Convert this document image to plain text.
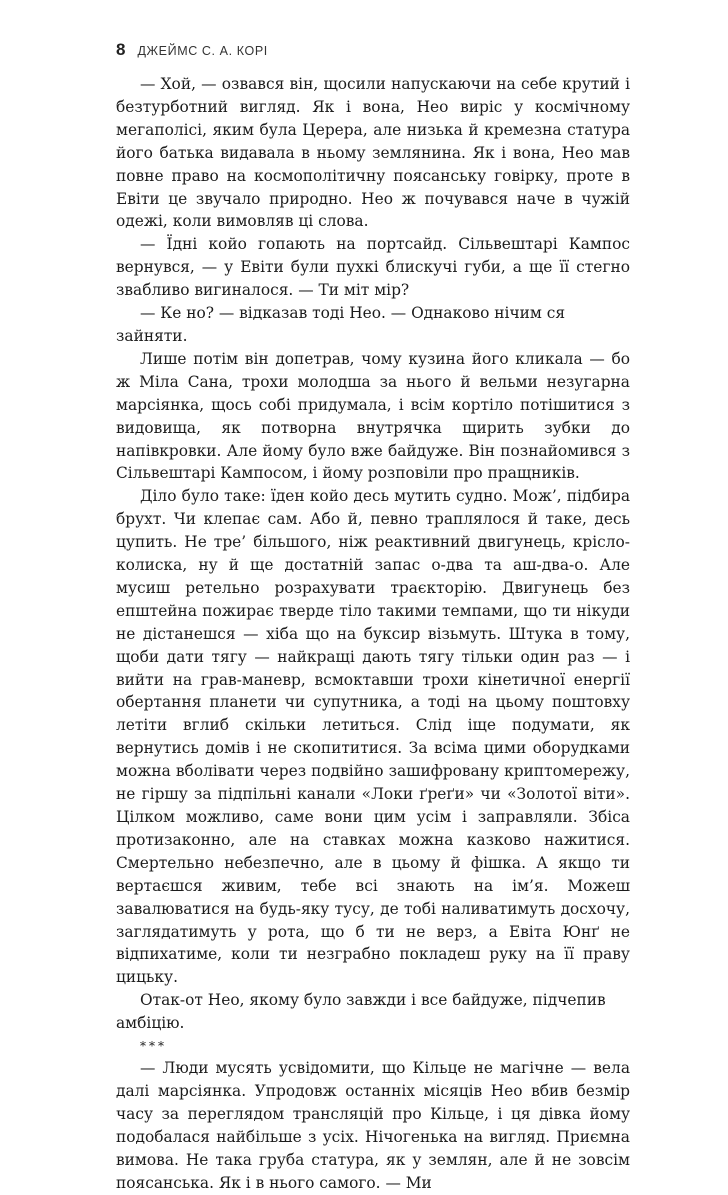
8 ДЖЕЙМС С. А. КОРІ

— Хой, — озвався він, щосили напускаючи на себе крутий і безтурботний вигляд. Як і вона, Нео виріс у космічному мегаполісі, яким була Церера, але низька й кремезна статура його батька видавала в ньому землянина. Як і вона, Нео мав повне право на космополітичну поясанську говірку, проте в Евіти це звучало природно. Нео ж почувався наче в чужій одежі, коли вимовляв ці слова.

— Їдні койо гопають на портсайд. Сільвештарі Кампос вернувся, — у Евіти були пухкі блискучі губи, а ще її стегно звабливо вигиналося. — Ти міт мір?

— Ке но? — відказав тоді Нео. — Однаково нічим ся зайняти.

Лише потім він допетрав, чому кузина його кликала — бо ж Міла Сана, трохи молодша за нього й вельми незугарна марсіянка, щось собі придумала, і всім кортіло потішитися з видовища, як потворна внутрячка щирить зубки до напівкровки. Але йому було вже байдуже. Він познайомився з Сільвештарі Кампосом, і йому розповіли про пращників.

Діло було таке: їден койо десь мутить судно. Мож’, підбира брухт. Чи клепає сам. Або й, певно траплялося й таке, десь цупить. Не тре’ більшого, ніж реактивний двигунець, крісло-колиска, ну й ще достатній запас о-два та аш-два-о. Але мусиш ретельно розрахувати траєкторію. Двигунець без епштейна пожирає тверде тіло такими темпами, що ти нікуди не дістанешся — хіба що на буксир візьмуть. Штука в тому, щоби дати тягу — найкращі дають тягу тільки один раз — і вийти на грав-маневр, всмоктавши трохи кінетичної енергії обертання планети чи супутника, а тоді на цьому поштовху летіти вглиб скільки летиться. Слід іще подумати, як вернутись домів і не скопититися. За всіма цими оборудками можна вболівати через подвійно зашифровану криптомережу, не гіршу за підпільні канали «Локи ґреґи» чи «Золотої віти». Цілком можливо, саме вони цим усім і заправляли. Збіса протизаконно, але на ставках можна казково нажитися. Смертельно небезпечно, але в цьому й фішка. А якщо ти вертаєшся живим, тебе всі знають на ім’я. Можеш завалюватися на будь-яку тусу, де тобі наливатимуть досхочу, заглядатимуть у рота, що б ти не верз, а Евіта Юнґ не відпихатиме, коли ти незграбно покладеш руку на її праву цицьку.

Отак-от Нео, якому було завжди і все байдуже, підчепив амбіцію.

***

— Люди мусять усвідомити, що Кільце не магічне — вела далі марсіянка. Упродовж останніх місяців Нео вбив безмір часу за переглядом трансляцій про Кільце, і ця дівка йому подобалася найбільше з усіх. Нічогенька на вигляд. Приємна вимова. Не така груба статура, як у землян, але й не зовсім поясанська. Як і в нього самого. — Ми
